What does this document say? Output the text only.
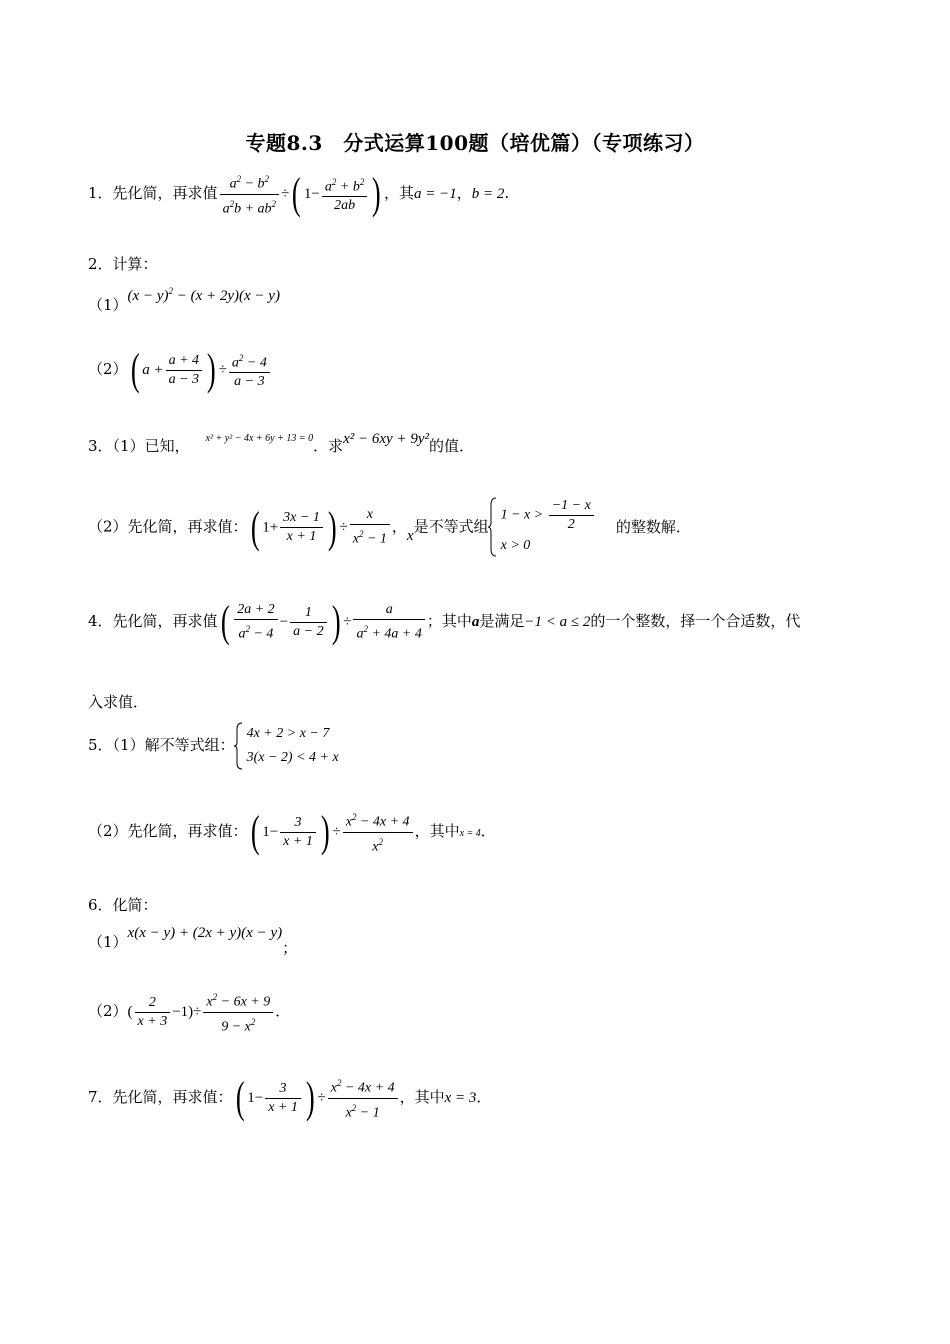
专题8.3　分式运算100题（培优篇）（专项练习）
1．先化简，再求值 $\frac{a^2 - b^2}{a^2b + ab^2}$ ÷( $1- \frac{a^2 + b^2}{2ab}$ ) ，其a = −1，b = 2.
2．计算：
$(1)(x - y)^2 - (x + 2y)(x - y)$
（2）( $a + \frac{a + 4}{a - 3}$ ) ÷ $\frac{a^2 - 4}{a - 3}$
3．（1）已知， $^{x^2 + y^2 - 4x + 6y + 13 = 0}$．求x² − 6xy + 9y²的值．
（2）先化简，再求值：( $1+ \frac{3x - 1}{x + 1}$ ) ÷ $\frac{x}{x^2 - 1}$ ，x是不等式组
$1 - x > \frac{-1 - x}{2}$
x > 0
的整数解．
4．先化简，再求值( $\frac{2a + 2}{a^2 - 4} - \frac{1}{a - 2}$ ) ÷ $\frac{a}{a^2 + 4a + 4}$ ；其中a是满足−1 < a ≤ 2的一个整数，择一个合适数，代
入求值．
5．（1）解不等式组：
4x + 2 > x − 7
3(x − 2) < 4 + x
（2）先化简，再求值：( $1- \frac{3}{x + 1}$ ) ÷ $\frac{x^2 - 4x + 4}{x^2}$ ，其中x = 4．
6．化简：
（1）x(x − y) + (2x + y)(x − y)；
$(2)( \frac{2}{x + 3} -1)\div \frac{x^2 - 6x + 9}{9 - x^2}$ ．
7．先化简，再求值：( $1- \frac{3}{x + 1}$ ) ÷ $\frac{x^2 - 4x + 4}{x^2 - 1}$ ，其中x = 3．
